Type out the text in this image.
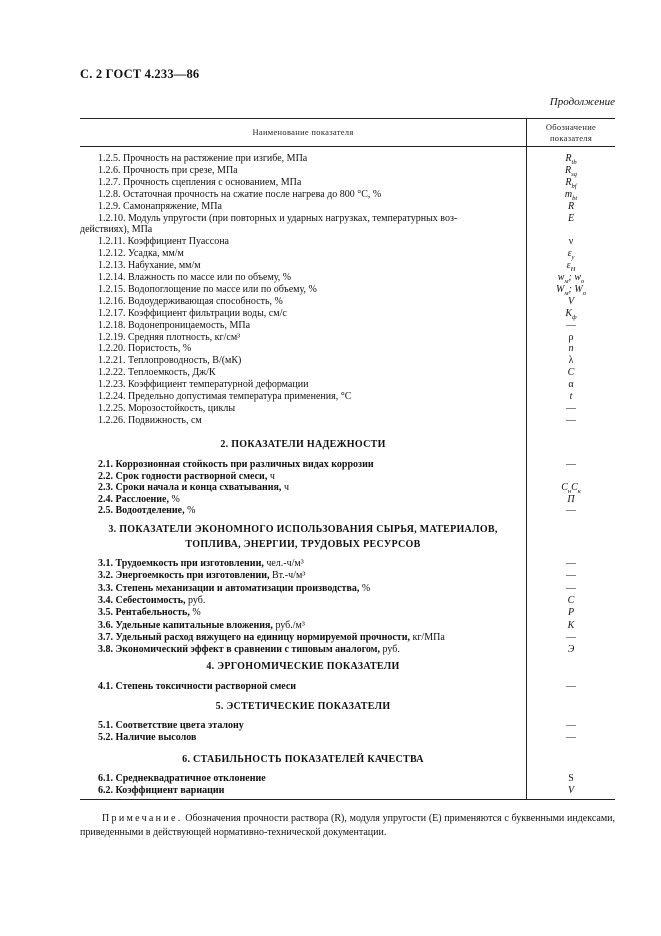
С. 2 ГОСТ 4.233—86
Продолжение
Наименование показателя	Обозначение
показателя
1.2.5. Прочность на растяжение при изгибе, МПа	$R_{tb}$
1.2.6. Прочность при срезе, МПа	$R_{sq}$
1.2.7. Прочность сцепления с основанием, МПа	$R_{bf}$
1.2.8. Остаточная прочность на сжатие после нагрева до 800 °С, %	$m_{bt}$
1.2.9. Самонапряжение, МПа	R
1.2.10. Модуль упругости (при повторных и ударных нагрузках, температурных воз-	E
действиях), МПа
1.2.11. Коэффициент Пуассона	ν
1.2.12. Усадка, мм/м	$\varepsilon_y$
1.2.13. Набухание, мм/м	$\varepsilon_H$
1.2.14. Влажность по массе или по объему, %	$w_м$; $w_о$
1.2.15. Водопоглощение по массе или по объему, %	$W_м$; $W_о$
1.2.16. Водоудерживающая способность, %	V
1.2.17. Коэффициент фильтрации воды, см/с	$K_ф$
1.2.18. Водонепроницаемость, МПа	—
1.2.19. Средняя плотность, кг/см³	ρ
1.2.20. Пористость, %	п
1.2.21. Теплопроводность, В/(мК)	λ
1.2.22. Теплоемкость, Дж/К	C
1.2.23. Коэффициент температурной деформации	α
1.2.24. Предельно допустимая температура применения, °С	t
1.2.25. Морозостойкость, циклы	—
1.2.26. Подвижность, см	—
2. ПОКАЗАТЕЛИ НАДЕЖНОСТИ
2.1. Коррозионная стойкость при различных видах коррозии	—
2.2. Срок годности растворной смеси, ч
2.3. Сроки начала и конца схватывания, ч	$C_нC_к$
2.4. Расслоение, %	П
2.5. Водоотделение, %	—
3. ПОКАЗАТЕЛИ ЭКОНОМНОГО ИСПОЛЬЗОВАНИЯ СЫРЬЯ, МАТЕРИАЛОВ,
ТОПЛИВА, ЭНЕРГИИ, ТРУДОВЫХ РЕСУРСОВ
3.1. Трудоемкость при изготовлении, чел.-ч/м³	—
3.2. Энергоемкость при изготовлении, Вт.-ч/м³	—
3.3. Степень механизации и автоматизации производства, %	—
3.4. Себестоимость, руб.	C
3.5. Рентабельность, %	P
3.6. Удельные капитальные вложения, руб./м³	K
3.7. Удельный расход вяжущего на единицу нормируемой прочности, кг/МПа	—
3.8. Экономический эффект в сравнении с типовым аналогом, руб.	Э
4. ЭРГОНОМИЧЕСКИЕ ПОКАЗАТЕЛИ
4.1. Степень токсичности растворной смеси	—
5. ЭСТЕТИЧЕСКИЕ ПОКАЗАТЕЛИ
5.1. Соответствие цвета эталону	—
5.2. Наличие высолов	—
6. СТАБИЛЬНОСТЬ ПОКАЗАТЕЛЕЙ КАЧЕСТВА
6.1. Среднеквадратичное отклонение	S
6.2. Коэффициент вариации	V
Примечание. Обозначения прочности раствора (R), модуля упругости (E) применяются с буквенными индексами, приведенными в действующей нормативно-технической документации.
